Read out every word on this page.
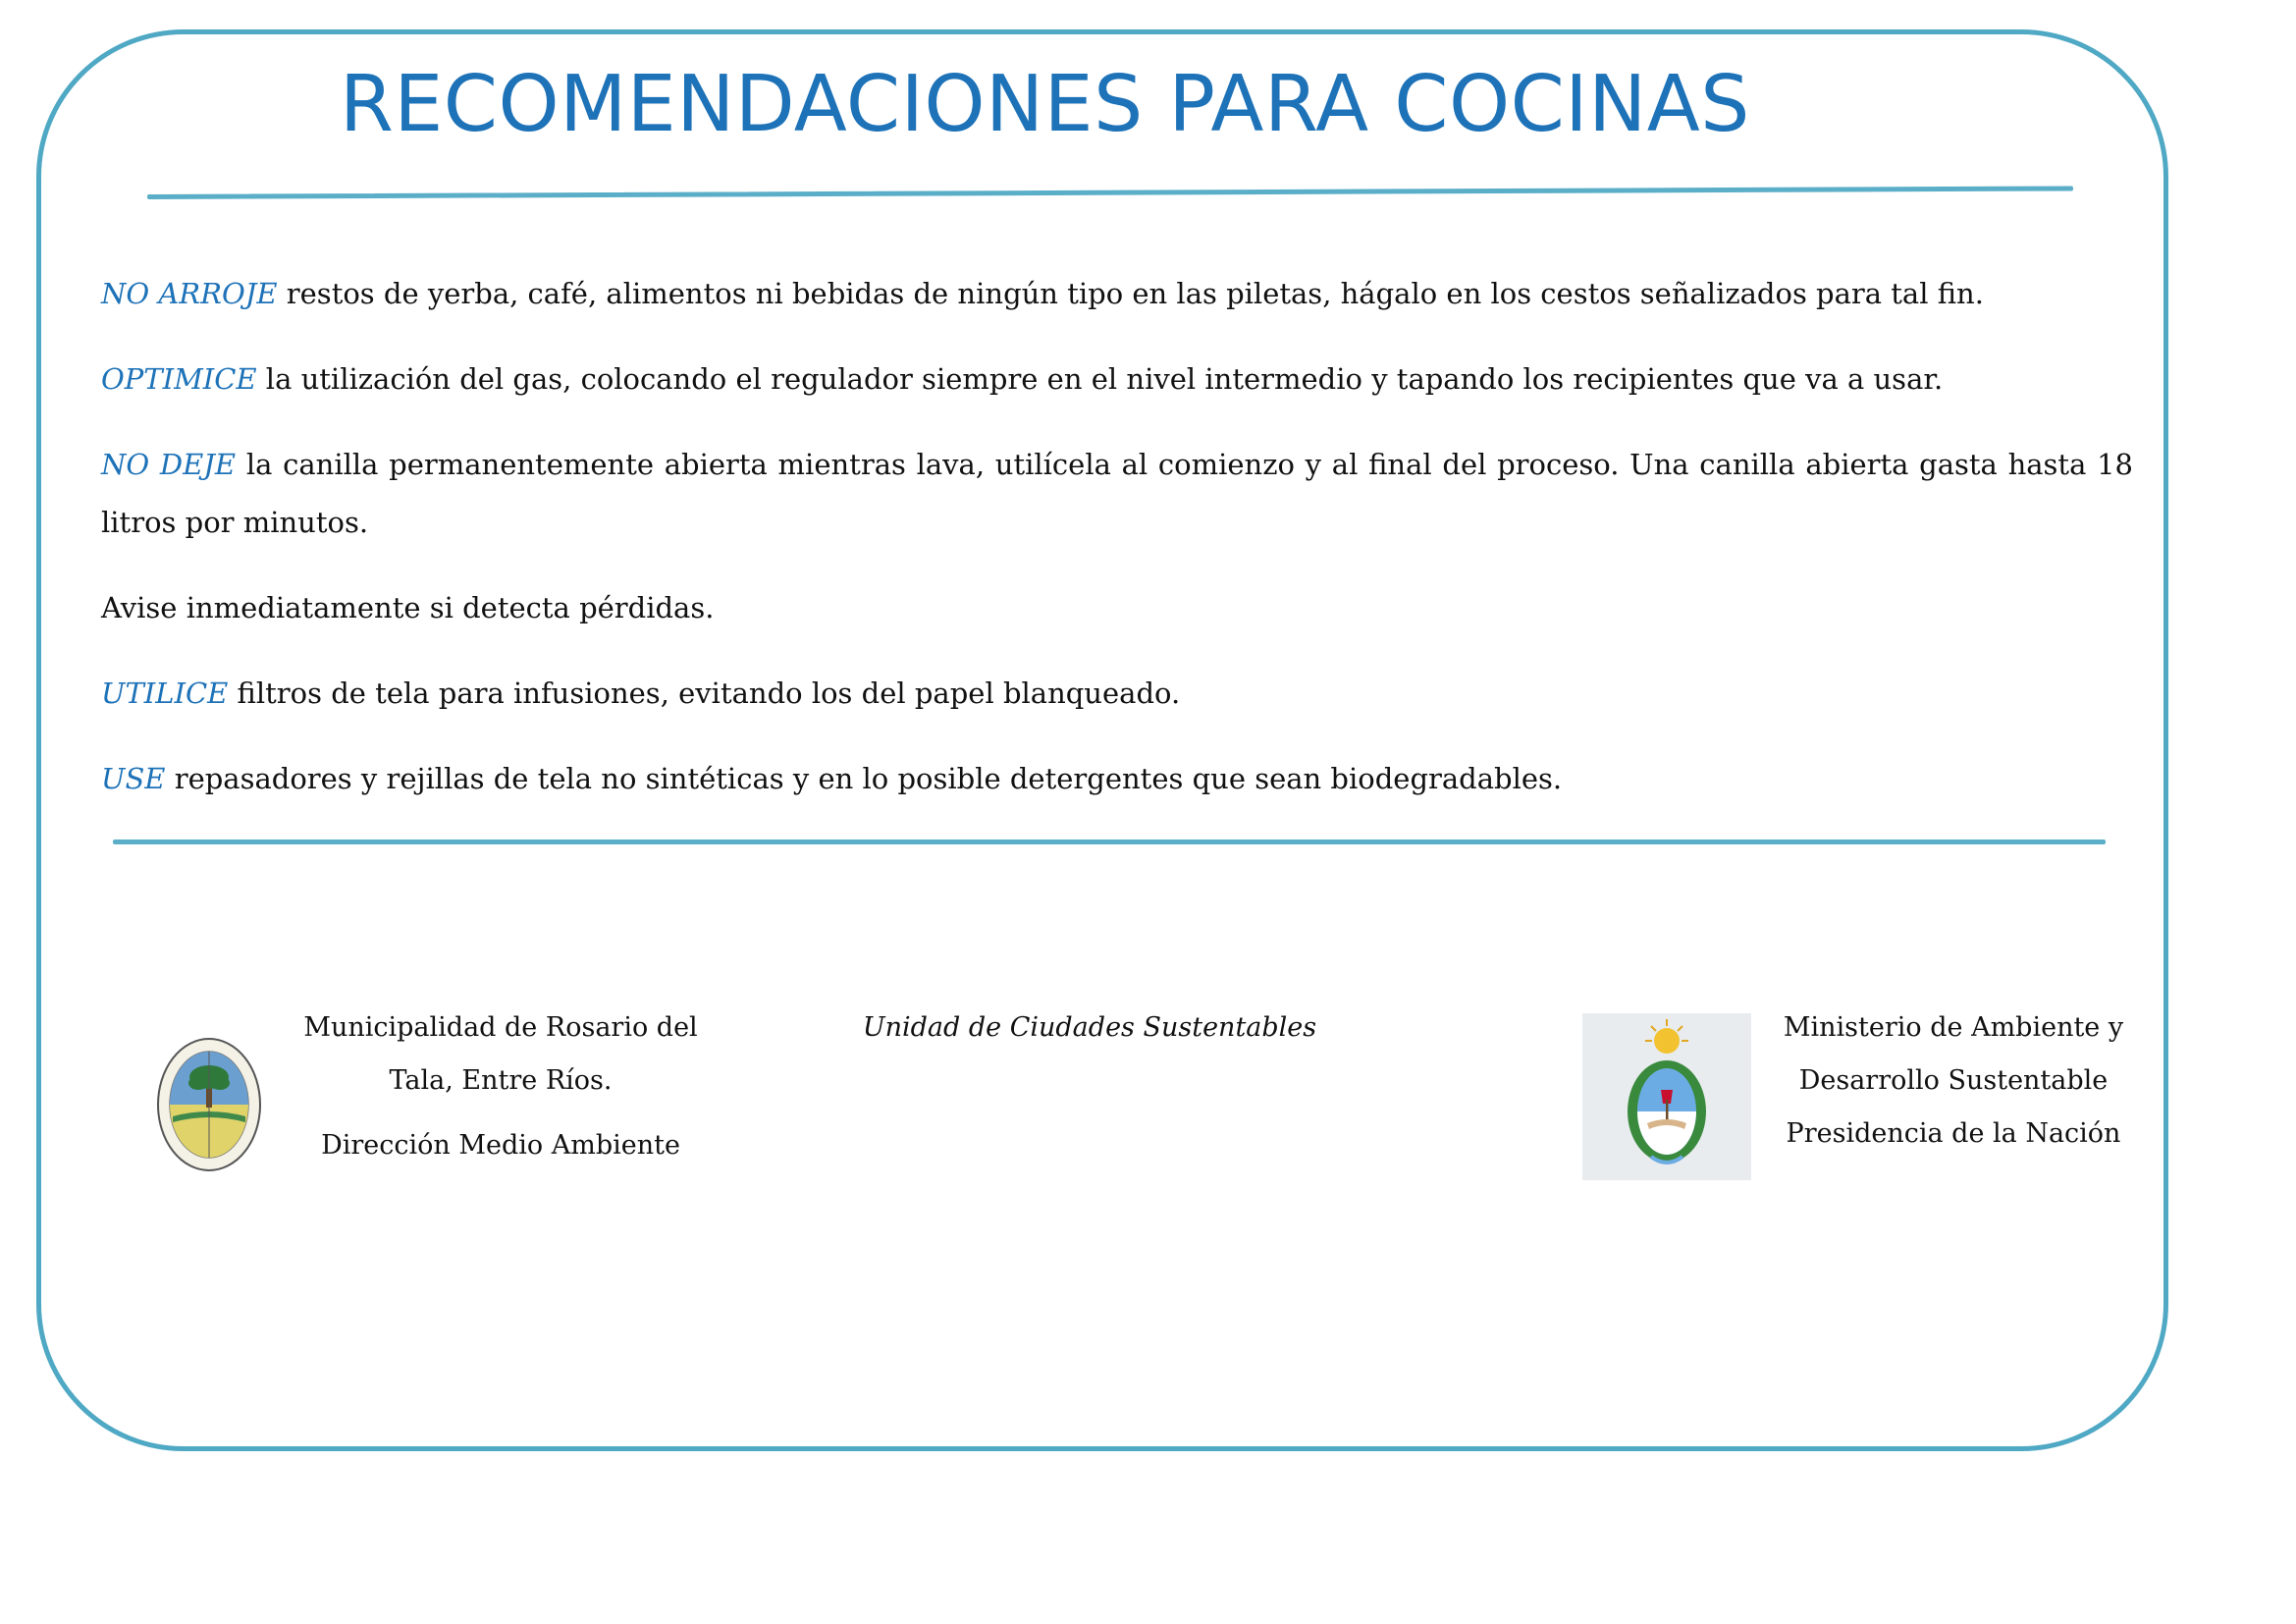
RECOMENDACIONES PARA COCINAS

NO ARROJE restos de yerba, café, alimentos ni bebidas de ningún tipo en las piletas, hágalo en los cestos señalizados para tal fin.

OPTIMICE la utilización del gas, colocando el regulador siempre en el nivel intermedio y tapando los recipientes que va a usar.

NO DEJE la canilla permanentemente abierta mientras lava, utilícela al comienzo y al final del proceso. Una canilla abierta gasta hasta 18 litros por minutos.

Avise inmediatamente si detecta pérdidas.

UTILICE filtros de tela para infusiones, evitando los del papel blanqueado.

USE repasadores y rejillas de tela no sintéticas y en lo posible detergentes que sean biodegradables.

Municipalidad de Rosario del
Tala, Entre Ríos.
Dirección Medio Ambiente
Unidad de Ciudades Sustentables	Ministerio de Ambiente y
Desarrollo Sustentable
Presidencia de la Nación
